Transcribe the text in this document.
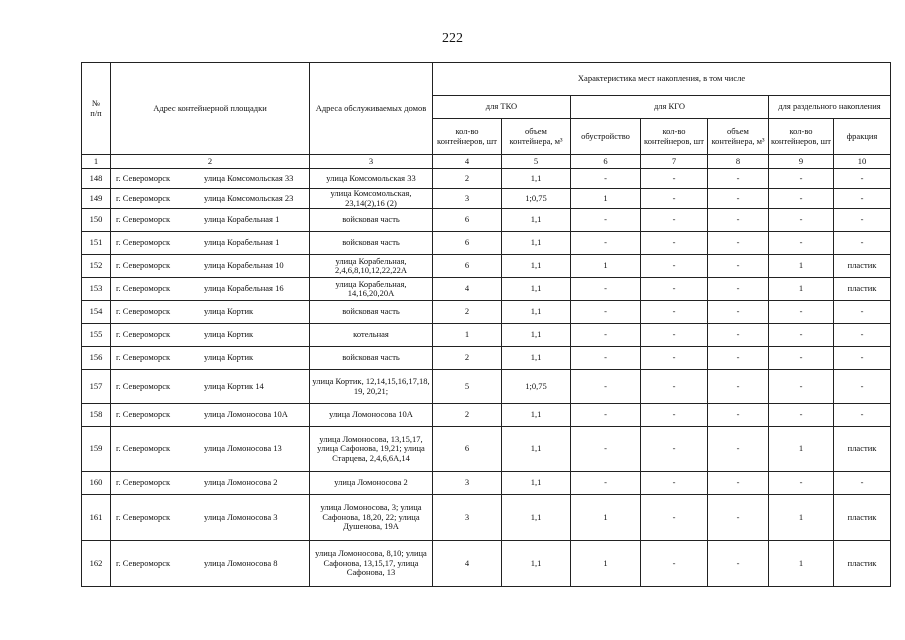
222
№
п/п	Адрес контейнерной площадки	Адреса обслуживаемых домов	Характеристика мест накопления, в том числе						
			для ТКО		для КГО			для раздельного накопления	
			кол-во контейнеров, шт	объем контейнера, м³	обустройство	кол-во контейнеров, шт	объем контейнера, м³	кол-во контейнеров, шт	фракция
1	2	3	4	5	6	7	8	9	10
148	г. Североморск улица Комсомольская 33	улица Комсомольская 33	2	1,1	-	-	-	-	-
149	г. Североморск улица Комсомольская 23	улица Комсомольская, 23,14(2),16 (2)	3	1;0,75	1	-	-	-	-
150	г. Североморск улица Корабельная 1	войсковая часть	6	1,1	-	-	-	-	-
151	г. Североморск улица Корабельная 1	войсковая часть	6	1,1	-	-	-	-	-
152	г. Североморск улица Корабельная 10	улица Корабельная, 2,4,6,8,10,12,22,22А	6	1,1	1	-	-	1	пластик
153	г. Североморск улица Корабельная 16	улица Корабельная, 14,16,20,20А	4	1,1	-	-	-	1	пластик
154	г. Североморск улица Кортик	войсковая часть	2	1,1	-	-	-	-	-
155	г. Североморск улица Кортик	котельная	1	1,1	-	-	-	-	-
156	г. Североморск улица Кортик	войсковая часть	2	1,1	-	-	-	-	-
157	г. Североморск улица Кортик 14	улица Кортик, 12,14,15,16,17,18, 19, 20,21;	5	1;0,75	-	-	-	-	-
158	г. Североморск улица Ломоносова 10А	улица Ломоносова 10А	2	1,1	-	-	-	-	-
159	г. Североморск улица Ломоносова 13	улица Ломоносова, 13,15,17, улица Сафонова, 19,21; улица Старцева, 2,4,6,6А,14	6	1,1	-	-	-	1	пластик
160	г. Североморск улица Ломоносова 2	улица Ломоносова 2	3	1,1	-	-	-	-	-
161	г. Североморск улица Ломоносова 3	улица Ломоносова, 3; улица Сафонова, 18,20, 22; улица Душенова, 19А	3	1,1	1	-	-	1	пластик
162	г. Североморск улица Ломоносова 8	улица Ломоносова, 8,10; улица Сафонова, 13,15,17, улица Сафонова, 13	4	1,1	1	-	-	1	пластик
